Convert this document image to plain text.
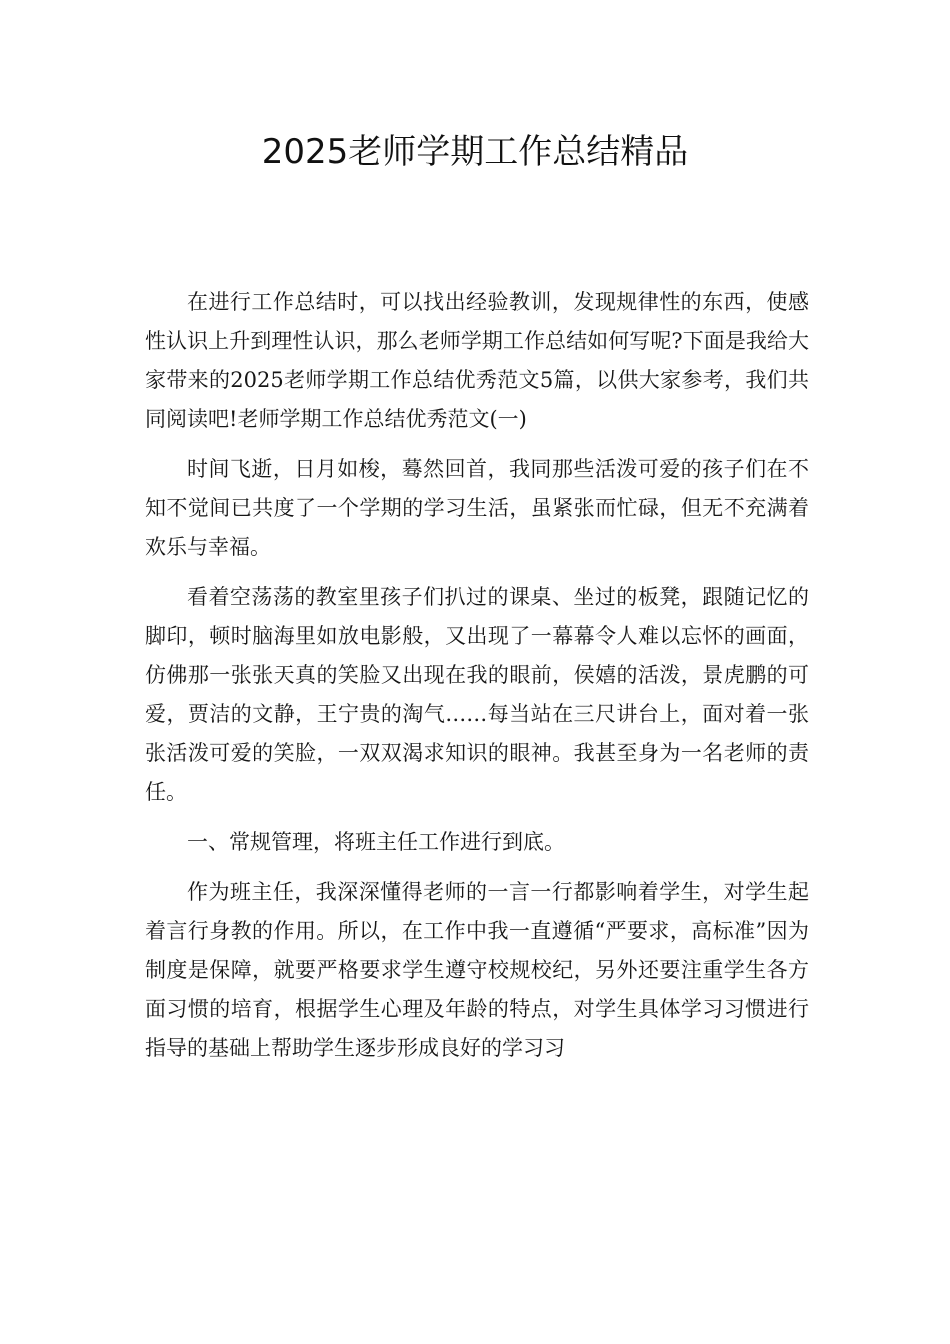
2025老师学期工作总结精品

在进行工作总结时，可以找出经验教训，发现规律性的东西，使感性认识上升到理性认识，那么老师学期工作总结如何写呢?下面是我给大家带来的2025老师学期工作总结优秀范文5篇，以供大家参考，我们共同阅读吧!老师学期工作总结优秀范文(一)

时间飞逝，日月如梭，蓦然回首，我同那些活泼可爱的孩子们在不知不觉间已共度了一个学期的学习生活，虽紧张而忙碌，但无不充满着欢乐与幸福。

看着空荡荡的教室里孩子们扒过的课桌、坐过的板凳，跟随记忆的脚印，顿时脑海里如放电影般，又出现了一幕幕令人难以忘怀的画面，仿佛那一张张天真的笑脸又出现在我的眼前，侯嬉的活泼，景虎鹏的可爱，贾洁的文静，王宁贵的淘气……每当站在三尺讲台上，面对着一张张活泼可爱的笑脸，一双双渴求知识的眼神。我甚至身为一名老师的责任。

一、常规管理，将班主任工作进行到底。

作为班主任，我深深懂得老师的一言一行都影响着学生，对学生起着言行身教的作用。所以，在工作中我一直遵循“严要求，高标准”因为制度是保障，就要严格要求学生遵守校规校纪，另外还要注重学生各方面习惯的培育，根据学生心理及年龄的特点，对学生具体学习习惯进行指导的基础上帮助学生逐步形成良好的学习习
